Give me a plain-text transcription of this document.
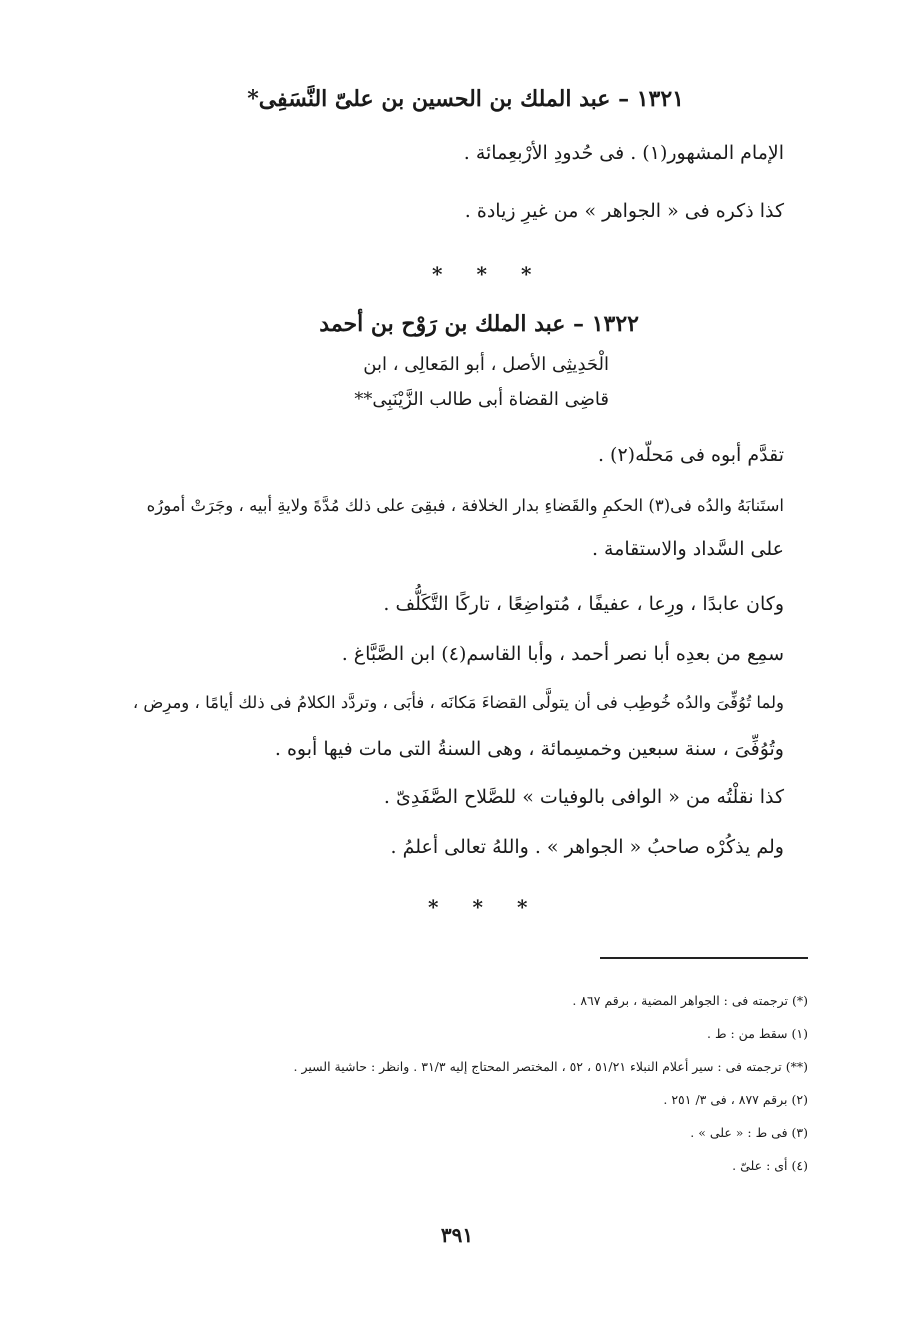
١٣٢١ – عبد الملك بن الحسين بن علىّ النَّسَفِى*
الإمام المشهور(١) . فى حُدودِ الأرْبعِمائة .
كذا ذكره فى « الجواهر » من غيرِ زيادة .
* * *
١٣٢٢ – عبد الملك بن رَوْح بن أحمد
الْحَدِيثِى الأصل ، أبو المَعالِى ، ابن
قاضِى القضاة أبى طالب الزَّيْنَبِى**
تقدَّم أبوه فى مَحلّه(٢) .
استَنابَهُ والدُه فى(٣) الحكمِ والقَضاءِ بدار الخلافة ، فبقِىَ على ذلك مُدَّةَ ولايةِ أبيه ، وجَرَتْ أمورُه
على السَّداد والاستقامة .
وكان عابدًا ، ورِعا ، عفيفًا ، مُتواضِعًا ، تاركًا التَّكَلُّف .
سمِع من بعدِه أبا نصر أحمد ، وأبا القاسم(٤) ابن الصَّبَّاغ .
ولما تُوُفِّىَ والدُه خُوطِب فى أن يتولَّى القضاءَ مَكانَه ، فأبَى ، وتردَّد الكلامُ فى ذلك أيامًا ، ومرِض ،
وتُوُفِّىَ ، سنة سبعين وخمسِمائة ، وهى السنةُ التى مات فيها أبوه .
كذا نقلْتُه من « الوافى بالوفيات » للصَّلاح الصَّفَدِىّ .
ولم يذكُرْه صاحبُ « الجواهر » . واللهُ تعالى أعلمُ .
* * *
(*) ترجمته فى : الجواهر المضية ، برقم ٨٦٧ .
(١) سقط من : ط .
(**) ترجمته فى : سير أعلام النبلاء ٥١/٢١ ، ٥٢ ، المختصر المحتاج إليه ٣١/٣ . وانظر : حاشية السير .
(٢) برقم ٨٧٧ ، فى ٣/ ٢٥١ .
(٣) فى ط : « على » .
(٤) أى : علىّ .
٣٩١
